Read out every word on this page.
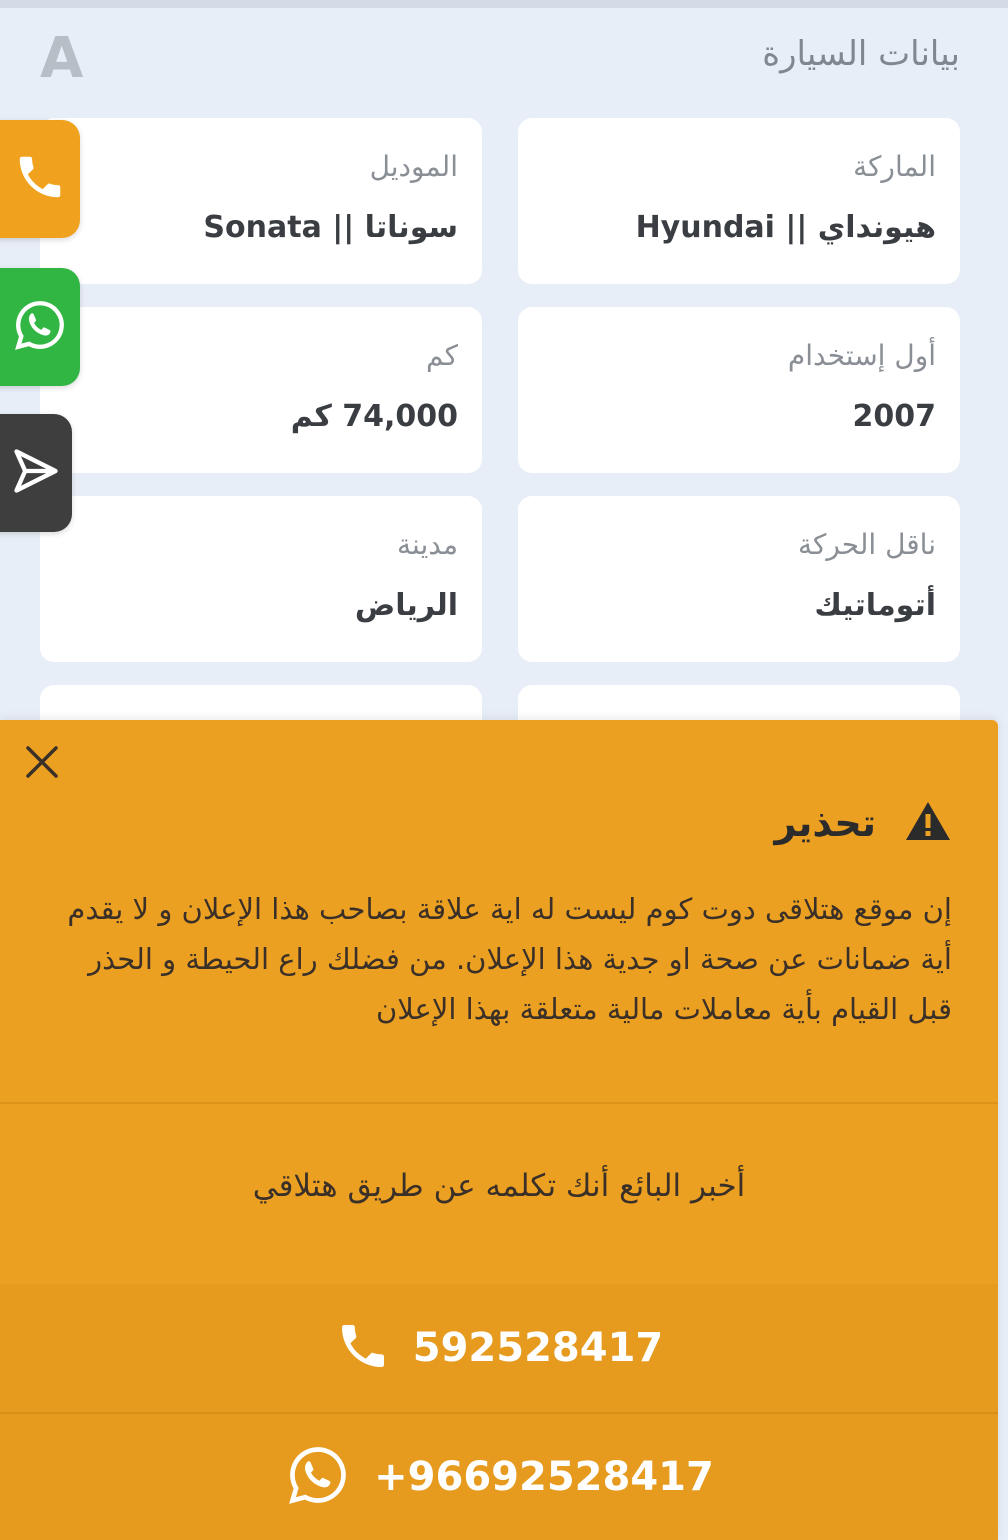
A	بيانات السيارة
الماركة
هيونداي || Hyundai
الموديل
سوناتا || Sonata
أول إستخدام
2007
كم
74,000 كم
ناقل الحركة
أتوماتيك
مدينة
الرياض
تحذير
إن موقع هتلاقى دوت كوم ليست له اية علاقة بصاحب هذا الإعلان و لا يقدم أية ضمانات عن صحة او جدية هذا الإعلان. من فضلك راع الحيطة و الحذر قبل القيام بأية معاملات مالية متعلقة بهذا الإعلان
أخبر البائع أنك تكلمه عن طريق هتلاقي
592528417
+96692528417
